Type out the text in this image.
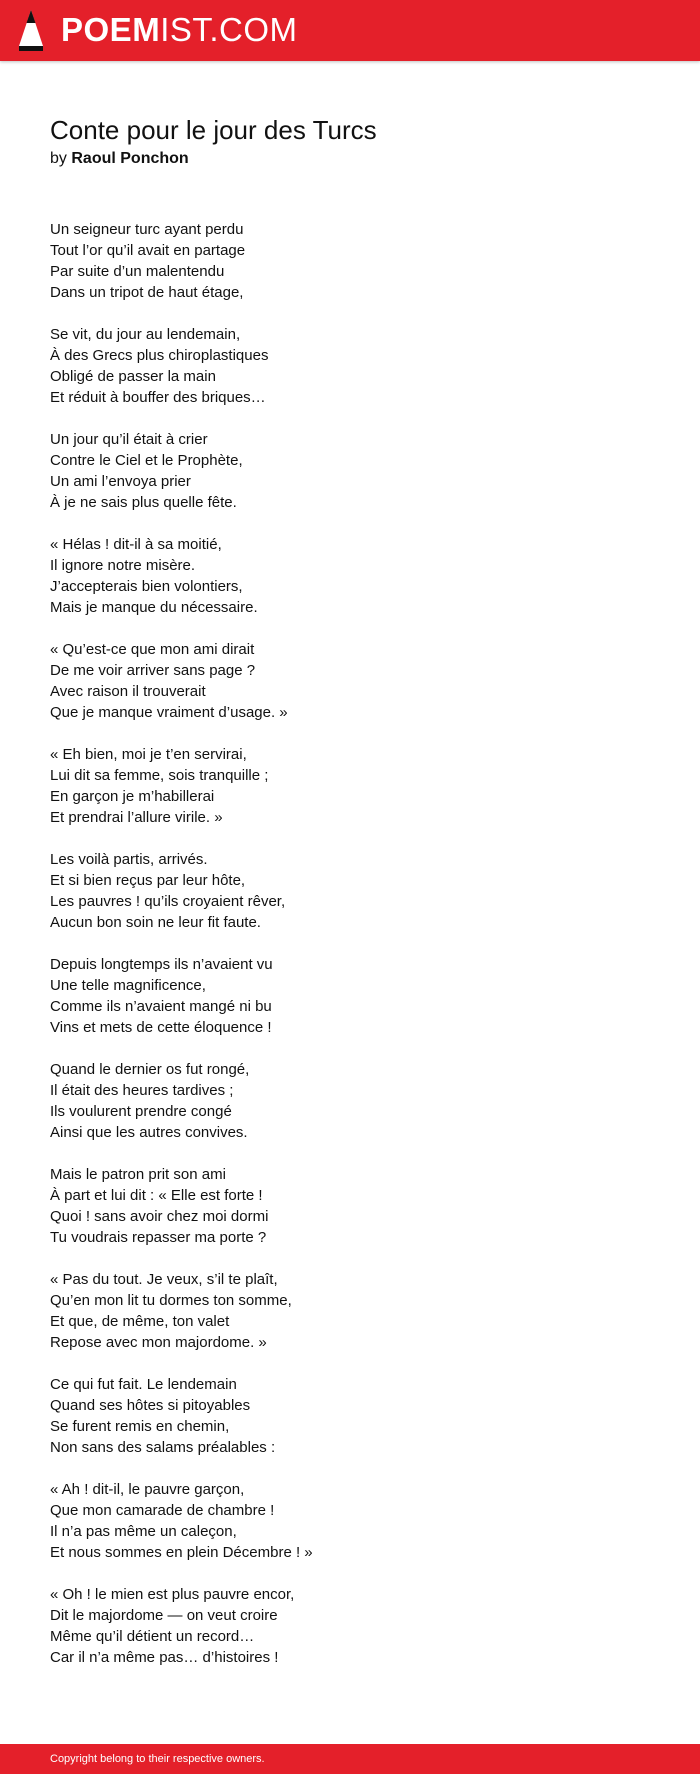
POEMIST.COM
Conte pour le jour des Turcs
by Raoul Ponchon
Un seigneur turc ayant perdu
Tout l’or qu’il avait en partage
Par suite d’un malentendu
Dans un tripot de haut étage,
Se vit, du jour au lendemain,
À des Grecs plus chiroplastiques
Obligé de passer la main
Et réduit à bouffer des briques…
Un jour qu’il était à crier
Contre le Ciel et le Prophète,
Un ami l’envoya prier
À je ne sais plus quelle fête.
« Hélas ! dit-il à sa moitié,
Il ignore notre misère.
J’accepterais bien volontiers,
Mais je manque du nécessaire.
« Qu’est-ce que mon ami dirait
De me voir arriver sans page ?
Avec raison il trouverait
Que je manque vraiment d’usage. »
« Eh bien, moi je t’en servirai,
Lui dit sa femme, sois tranquille ;
En garçon je m’habillerai
Et prendrai l’allure virile. »
Les voilà partis, arrivés.
Et si bien reçus par leur hôte,
Les pauvres ! qu’ils croyaient rêver,
Aucun bon soin ne leur fit faute.
Depuis longtemps ils n’avaient vu
Une telle magnificence,
Comme ils n’avaient mangé ni bu
Vins et mets de cette éloquence !
Quand le dernier os fut rongé,
Il était des heures tardives ;
Ils voulurent prendre congé
Ainsi que les autres convives.
Mais le patron prit son ami
À part et lui dit : « Elle est forte !
Quoi ! sans avoir chez moi dormi
Tu voudrais repasser ma porte ?
« Pas du tout. Je veux, s’il te plaît,
Qu’en mon lit tu dormes ton somme,
Et que, de même, ton valet
Repose avec mon majordome. »
Ce qui fut fait. Le lendemain
Quand ses hôtes si pitoyables
Se furent remis en chemin,
Non sans des salams préalables :
« Ah ! dit-il, le pauvre garçon,
Que mon camarade de chambre !
Il n’a pas même un caleçon,
Et nous sommes en plein Décembre ! »
« Oh ! le mien est plus pauvre encor,
Dit le majordome — on veut croire
Même qu’il détient un record…
Car il n’a même pas… d’histoires !
Copyright belong to their respective owners.
